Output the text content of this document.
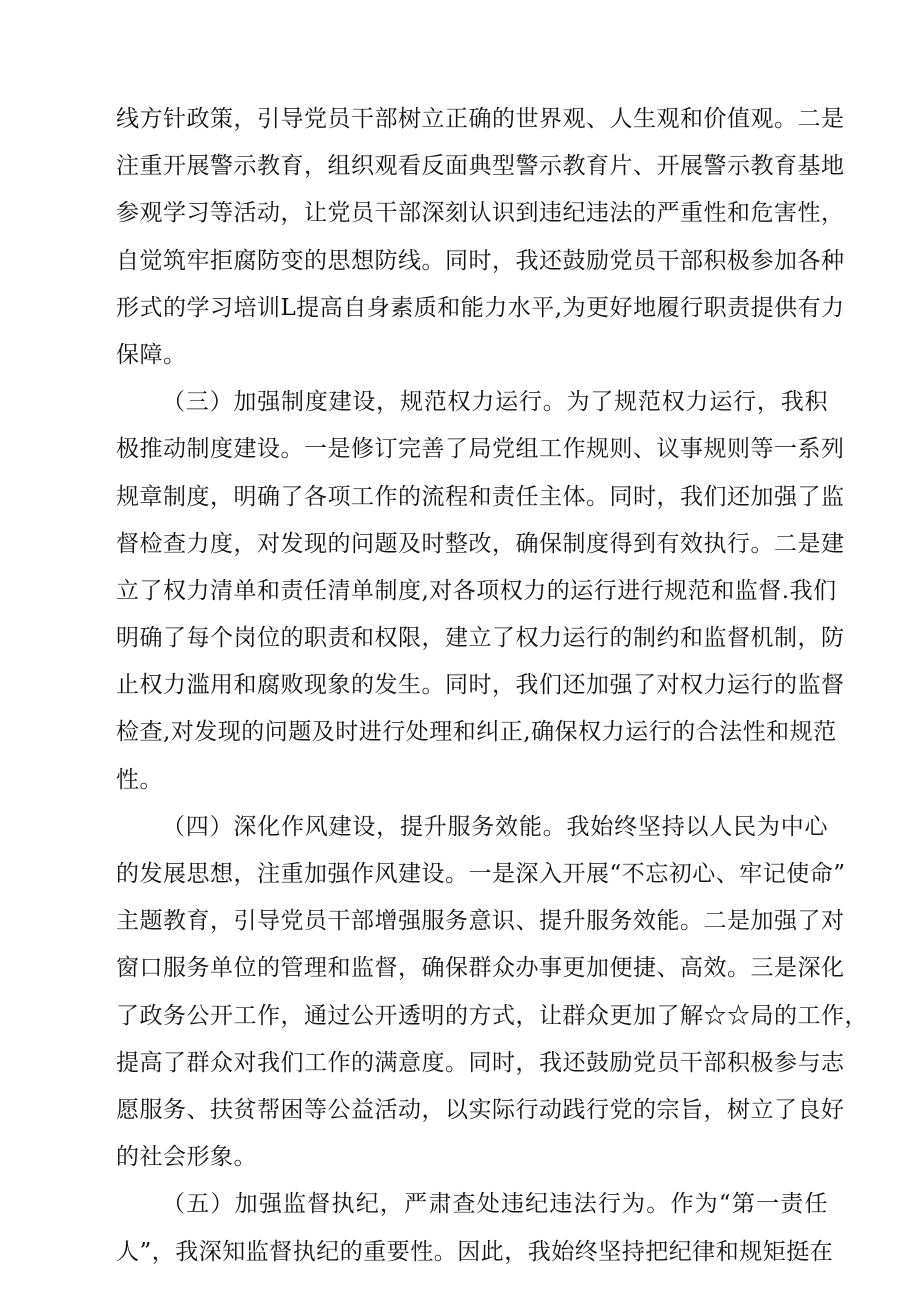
线方针政策，引导党员干部树立正确的世界观、人生观和价值观。二是
注重开展警示教育，组织观看反面典型警示教育片、开展警示教育基地
参观学习等活动，让党员干部深刻认识到违纪违法的严重性和危害性，
自觉筑牢拒腐防变的思想防线。同时，我还鼓励党员干部积极参加各种
形式的学习培训L提高自身素质和能力水平,为更好地履行职责提供有力
保障。
（三）加强制度建设，规范权力运行。为了规范权力运行，我积
极推动制度建设。一是修订完善了局党组工作规则、议事规则等一系列
规章制度，明确了各项工作的流程和责任主体。同时，我们还加强了监
督检查力度，对发现的问题及时整改，确保制度得到有效执行。二是建
立了权力清单和责任清单制度,对各项权力的运行进行规范和监督.我们
明确了每个岗位的职责和权限，建立了权力运行的制约和监督机制，防
止权力滥用和腐败现象的发生。同时，我们还加强了对权力运行的监督
检查,对发现的问题及时进行处理和纠正,确保权力运行的合法性和规范
性。
（四）深化作风建设，提升服务效能。我始终坚持以人民为中心
的发展思想，注重加强作风建设。一是深入开展“不忘初心、牢记使命”
主题教育，引导党员干部增强服务意识、提升服务效能。二是加强了对
窗口服务单位的管理和监督，确保群众办事更加便捷、高效。三是深化
了政务公开工作，通过公开透明的方式，让群众更加了解☆☆局的工作，
提高了群众对我们工作的满意度。同时，我还鼓励党员干部积极参与志
愿服务、扶贫帮困等公益活动，以实际行动践行党的宗旨，树立了良好
的社会形象。
（五）加强监督执纪，严肃查处违纪违法行为。作为“第一责任
人”，我深知监督执纪的重要性。因此，我始终坚持把纪律和规矩挺在
